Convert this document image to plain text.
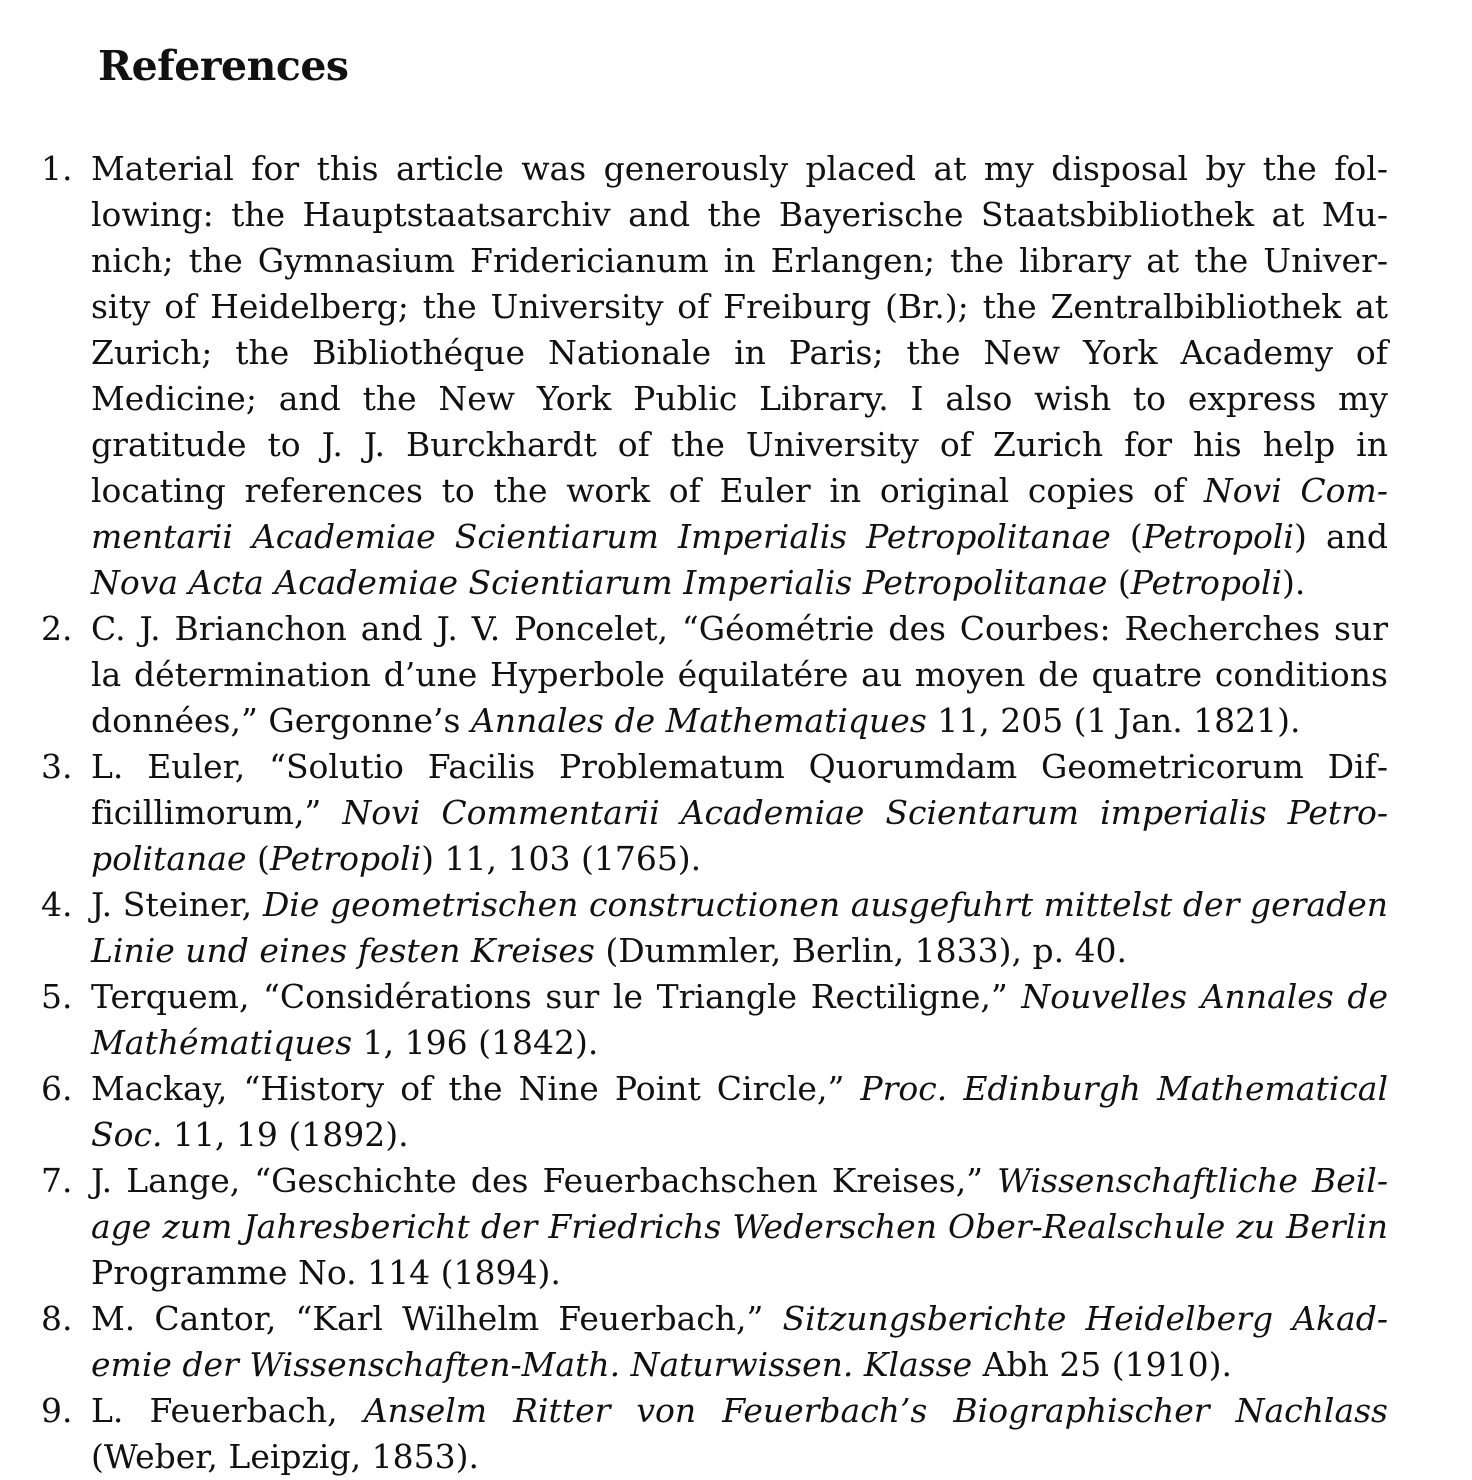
References
1. Material for this article was generously placed at my disposal by the following: the Hauptstaatsarchiv and the Bayerische Staatsbibliothek at Munich; the Gymnasium Fridericianum in Erlangen; the library at the University of Heidelberg; the University of Freiburg (Br.); the Zentralbibliothek at Zurich; the Bibliothéque Nationale in Paris; the New York Academy of Medicine; and the New York Public Library. I also wish to express my gratitude to J. J. Burckhardt of the University of Zurich for his help in locating references to the work of Euler in original copies of Novi Commentarii Academiae Scientiarum Imperialis Petropolitanae (Petropoli) and Nova Acta Academiae Scientiarum Imperialis Petropolitanae (Petropoli).
2. C. J. Brianchon and J. V. Poncelet, “Géométrie des Courbes: Recherches sur la détermination d’une Hyperbole équilatére au moyen de quatre conditions données,” Gergonne’s Annales de Mathematiques 11, 205 (1 Jan. 1821).
3. L. Euler, “Solutio Facilis Problematum Quorumdam Geometricorum Difficillimorum,” Novi Commentarii Academiae Scientarum imperialis Petropolitanae (Petropoli) 11, 103 (1765).
4. J. Steiner, Die geometrischen constructionen ausgefuhrt mittelst der geraden Linie und eines festen Kreises (Dummler, Berlin, 1833), p. 40.
5. Terquem, “Considérations sur le Triangle Rectiligne,” Nouvelles Annales de Mathématiques 1, 196 (1842).
6. Mackay, “History of the Nine Point Circle,” Proc. Edinburgh Mathematical Soc. 11, 19 (1892).
7. J. Lange, “Geschichte des Feuerbachschen Kreises,” Wissenschaftliche Beilage zum Jahresbericht der Friedrichs Wederschen Ober-Realschule zu Berlin Programme No. 114 (1894).
8. M. Cantor, “Karl Wilhelm Feuerbach,” Sitzungsberichte Heidelberg Akademie der Wissenschaften-Math. Naturwissen. Klasse Abh 25 (1910).
9. L. Feuerbach, Anselm Ritter von Feuerbach’s Biographischer Nachlass (Weber, Leipzig, 1853).
